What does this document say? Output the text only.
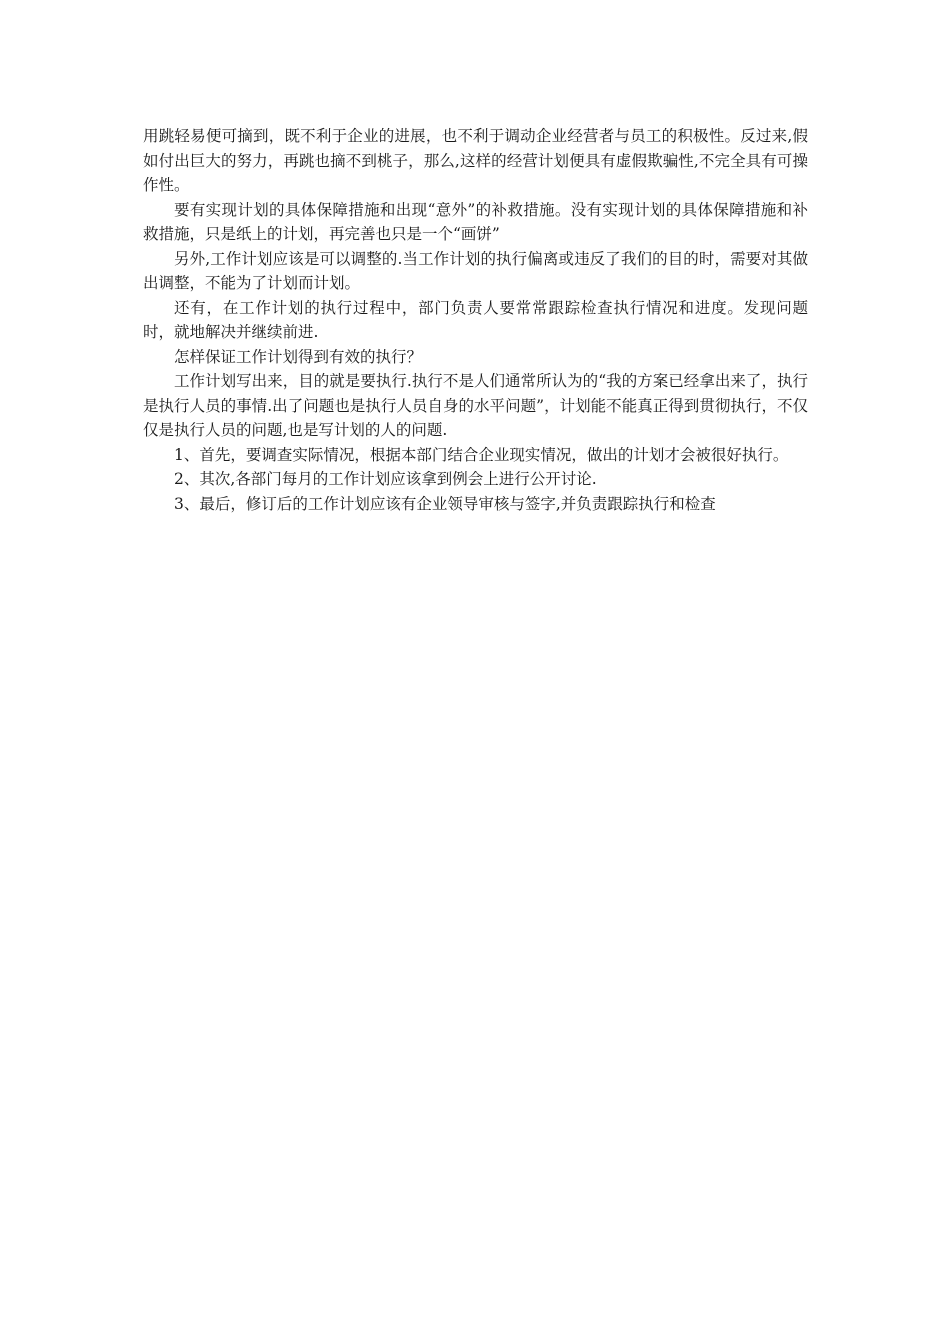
用跳轻易便可摘到，既不利于企业的进展，也不利于调动企业经营者与员工的积极性。反过来,假如付出巨大的努力，再跳也摘不到桃子，那么,这样的经营计划便具有虚假欺骗性,不完全具有可操作性。

要有实现计划的具体保障措施和出现“意外”的补救措施。没有实现计划的具体保障措施和补救措施，只是纸上的计划，再完善也只是一个“画饼”

另外,工作计划应该是可以调整的.当工作计划的执行偏离或违反了我们的目的时，需要对其做出调整，不能为了计划而计划。

还有，在工作计划的执行过程中，部门负责人要常常跟踪检查执行情况和进度。发现问题时，就地解决并继续前进.

怎样保证工作计划得到有效的执行？

工作计划写出来，目的就是要执行.执行不是人们通常所认为的“我的方案已经拿出来了，执行是执行人员的事情.出了问题也是执行人员自身的水平问题”，计划能不能真正得到贯彻执行，不仅仅是执行人员的问题,也是写计划的人的问题.

1、首先，要调查实际情况，根据本部门结合企业现实情况，做出的计划才会被很好执行。

2、其次,各部门每月的工作计划应该拿到例会上进行公开讨论.

3、最后，修订后的工作计划应该有企业领导审核与签字,并负责跟踪执行和检查
